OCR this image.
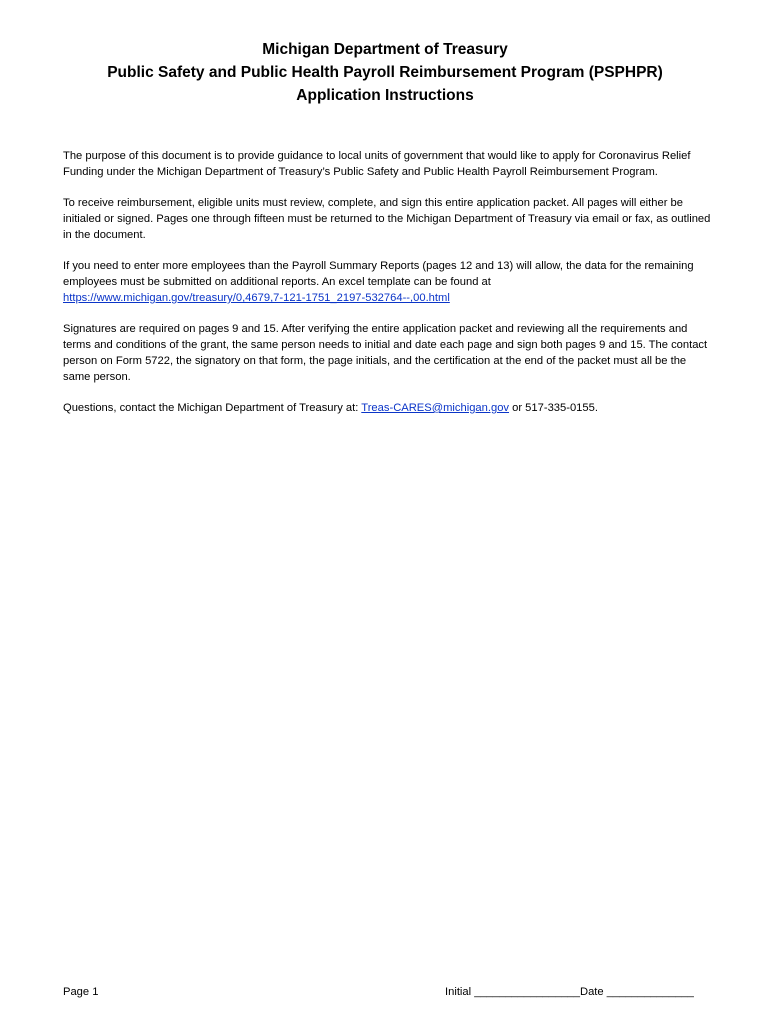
Michigan Department of Treasury
Public Safety and Public Health Payroll Reimbursement Program (PSPHPR)
Application Instructions

The purpose of this document is to provide guidance to local units of government that would like to apply for Coronavirus Relief Funding under the Michigan Department of Treasury’s Public Safety and Public Health Payroll Reimbursement Program.

To receive reimbursement, eligible units must review, complete, and sign this entire application packet. All pages will either be initialed or signed. Pages one through fifteen must be returned to the Michigan Department of Treasury via email or fax, as outlined in the document.

If you need to enter more employees than the Payroll Summary Reports (pages 12 and 13) will allow, the data for the remaining employees must be submitted on additional reports. An excel template can be found at https://www.michigan.gov/treasury/0,4679,7-121-1751_2197-532764--,00.html

Signatures are required on pages 9 and 15. After verifying the entire application packet and reviewing all the requirements and terms and conditions of the grant, the same person needs to initial and date each page and sign both pages 9 and 15. The contact person on Form 5722, the signatory on that form, the page initials, and the certification at the end of the packet must all be the same person.

Questions, contact the Michigan Department of Treasury at: Treas-CARES@michigan.gov or 517-335-0155.

Page 1	Initial _________________Date ______________
